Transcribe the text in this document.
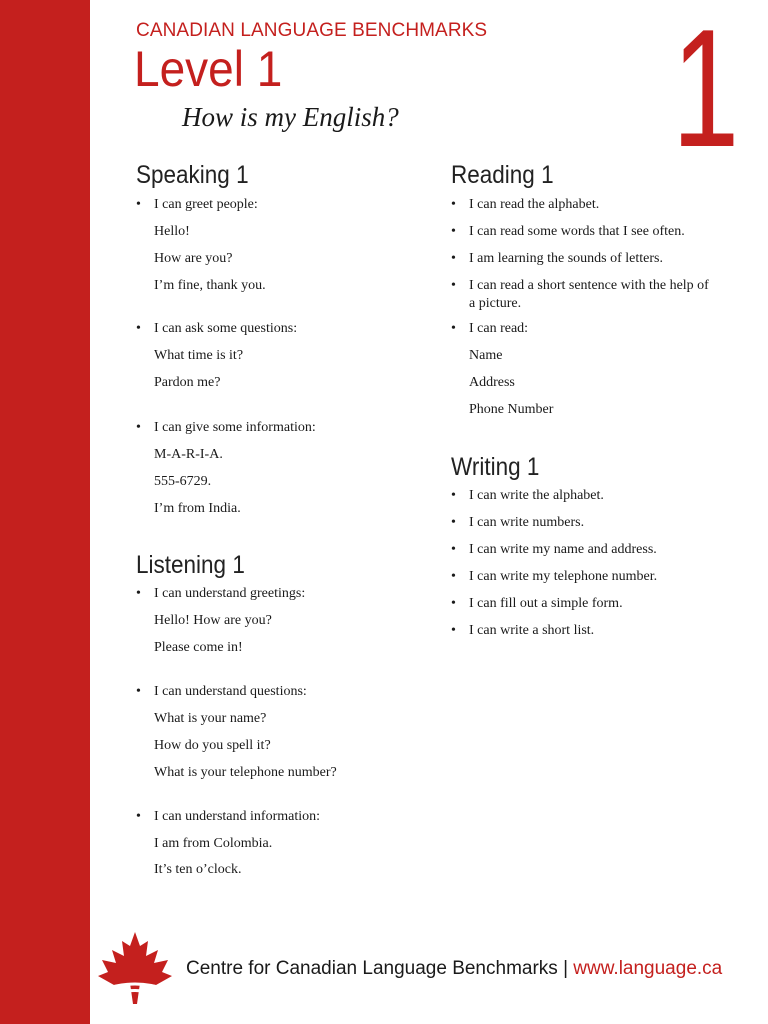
CANADIAN LANGUAGE BENCHMARKS
Level 1
How is my English? 1
Speaking 1
• I can greet people:
Hello!
How are you?
I’m fine, thank you.
• I can ask some questions:
What time is it?
Pardon me?
• I can give some information:
M-A-R-I-A.
555-6729.
I’m from India.
Listening 1
• I can understand greetings:
Hello! How are you?
Please come in!
• I can understand questions:
What is your name?
How do you spell it?
What is your telephone number?
• I can understand information:
I am from Colombia.
It’s ten o’clock.
Reading 1
• I can read the alphabet.
• I can read some words that I see often.
• I am learning the sounds of letters.
• I can read a short sentence with the help of a picture.
• I can read:
Name
Address
Phone Number
Writing 1
• I can write the alphabet.
• I can write numbers.
• I can write my name and address.
• I can write my telephone number.
• I can fill out a simple form.
• I can write a short list.
Centre for Canadian Language Benchmarks | www.language.ca
